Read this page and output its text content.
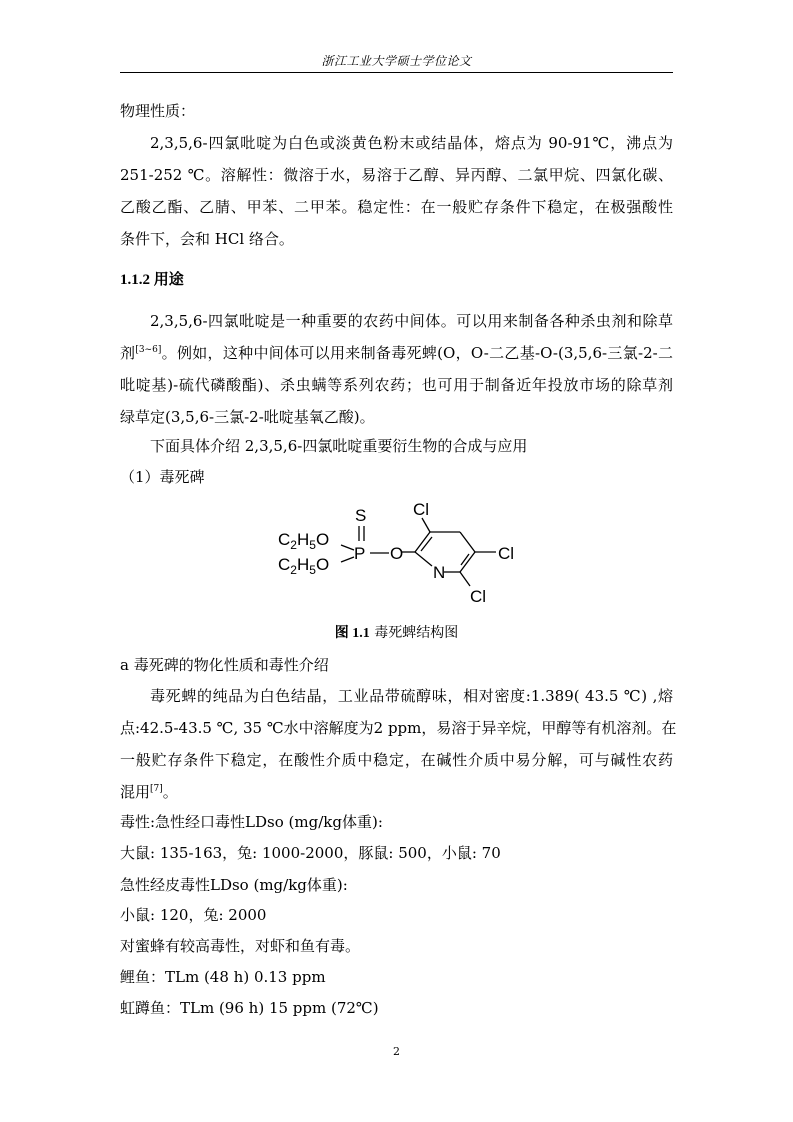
浙江工业大学硕士学位论文
物理性质：
2,3,5,6-四氯吡啶为白色或淡黄色粉末或结晶体，熔点为 90-91℃，沸点为
251-252 ℃。溶解性：微溶于水，易溶于乙醇、异丙醇、二氯甲烷、四氯化碳、
乙酸乙酯、乙腈、甲苯、二甲苯。稳定性：在一般贮存条件下稳定，在极强酸性
条件下，会和 HCl 络合。
1.1.2 用途
2,3,5,6-四氯吡啶是一种重要的农药中间体。可以用来制备各种杀虫剂和除草
剂[3~6]。例如，这种中间体可以用来制备毒死蜱(O，O-二乙基-O-(3,5,6-三氯-2-二
吡啶基)-硫代磷酸酯)、杀虫螨等系列农药；也可用于制备近年投放市场的除草剂
绿草定(3,5,6-三氯-2-吡啶基氧乙酸)。
下面具体介绍 2,3,5,6-四氯吡啶重要衍生物的合成与应用
（1）毒死碑
S
P O
N
Cl
Cl
Cl
$C_2H_5O$
$C_2H_5O$
图 1.1 毒死蜱结构图
a 毒死碑的物化性质和毒性介绍
毒死蜱的纯品为白色结晶，工业品带硫醇味，相对密度:1.389( 43.5 ℃) ,熔
点:42.5-43.5 ℃, 35 ℃水中溶解度为2 ppm，易溶于异辛烷，甲醇等有机溶剂。在
一般贮存条件下稳定，在酸性介质中稳定，在碱性介质中易分解，可与碱性农药
混用[7]。
毒性:急性经口毒性LDso (mg/kg体重):
大鼠: 135-163，兔: 1000-2000，豚鼠: 500，小鼠: 70
急性经皮毒性LDso (mg/kg体重):
小鼠: 120，兔: 2000
对蜜蜂有较高毒性，对虾和鱼有毒。
鲤鱼：TLm (48 h) 0.13 ppm
虹蹲鱼：TLm (96 h) 15 ppm (72℃)
2
